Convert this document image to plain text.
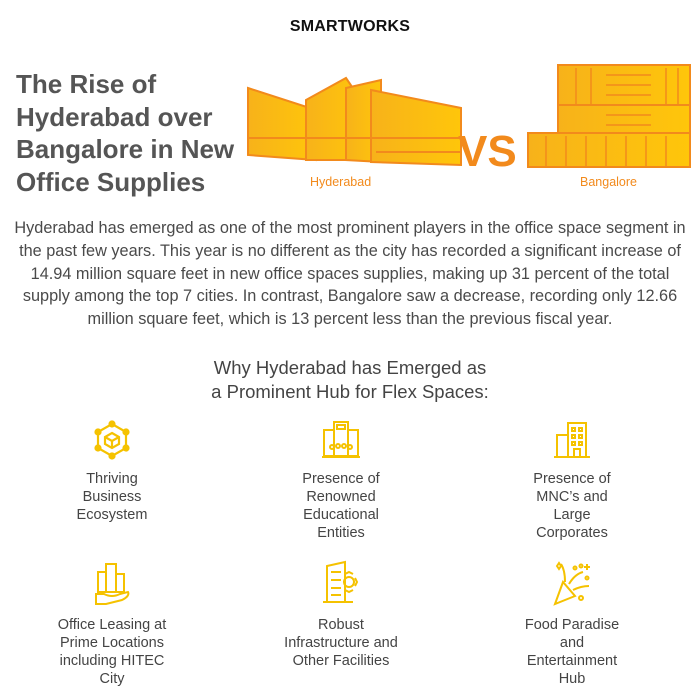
SMARTWORKS
The Rise of Hyderabad over Bangalore in New Office Supplies
VS
Hyderabad	Bangalore
Hyderabad has emerged as one of the most prominent players in the office space segment in the past few years. This year is no different as the city has recorded a significant increase of 14.94 million square feet in new office spaces supplies, making up 31 percent of the total supply among the top 7 cities. In contrast, Bangalore saw a decrease, recording only 12.66 million square feet, which is 13 percent less than the previous fiscal year.
Why Hyderabad has Emerged as
a Prominent Hub for Flex Spaces:
Thriving Business Ecosystem
Presence of Renowned Educational Entities
Presence of MNC’s and Large Corporates
Office Leasing at Prime Locations including HITEC City
Robust Infrastructure and Other Facilities
Food Paradise and Entertainment Hub
